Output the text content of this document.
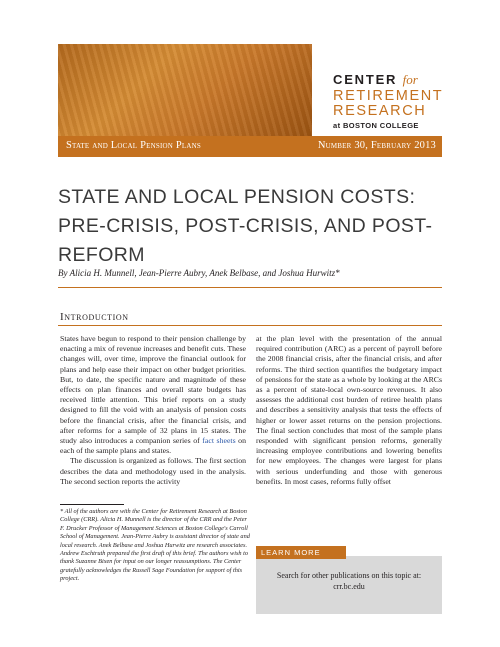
State and Local Pension Plans	Number 30, February 2013
CENTER for
RETIREMENT
RESEARCH
at BOSTON COLLEGE
STATE AND LOCAL PENSION COSTS: PRE-CRISIS, POST-CRISIS, AND POST-REFORM
By Alicia H. Munnell, Jean-Pierre Aubry, Anek Belbase, and Joshua Hurwitz*
Introduction

States have begun to respond to their pension challenge by enacting a mix of revenue increases and benefit cuts. These changes will, over time, improve the financial outlook for plans and help ease their impact on other budget priorities. But, to date, the specific nature and magnitude of these effects on plan finances and overall state budgets has received little attention. This brief reports on a study designed to fill the void with an analysis of pension costs before the financial crisis, after the financial crisis, and after reforms for a sample of 32 plans in 15 states. The study also introduces a companion series of fact sheets on each of the sample plans and states.

The discussion is organized as follows. The first section describes the data and methodology used in the analysis. The second section reports the activity

at the plan level with the presentation of the annual required contribution (ARC) as a percent of payroll before the 2008 financial crisis, after the financial crisis, and after reforms. The third section quantifies the budgetary impact of pensions for the state as a whole by looking at the ARCs as a percent of state-local own-source revenues. It also assesses the additional cost burden of retiree health plans and describes a sensitivity analysis that tests the effects of higher or lower asset returns on the pension projections. The final section concludes that most of the sample plans responded with significant pension reforms, generally increasing employee contributions and lowering benefits for new employees. The changes were largest for plans with serious underfunding and those with generous benefits. In most cases, reforms fully offset
* All of the authors are with the Center for Retirement Research at Boston College (CRR). Alicia H. Munnell is the director of the CRR and the Peter F. Drucker Professor of Management Sciences at Boston College's Carroll School of Management. Jean-Pierre Aubry is assistant director of state and local research. Anek Belbase and Joshua Hurwitz are research associates. Andrew Eschtruth prepared the first draft of this brief. The authors wish to thank Suzanne Bixen for input on our longer reassumptions. The Center gratefully acknowledges the Russell Sage Foundation for support of this project.
LEARN MORE
Search for other publications on this topic at:
crr.bc.edu
